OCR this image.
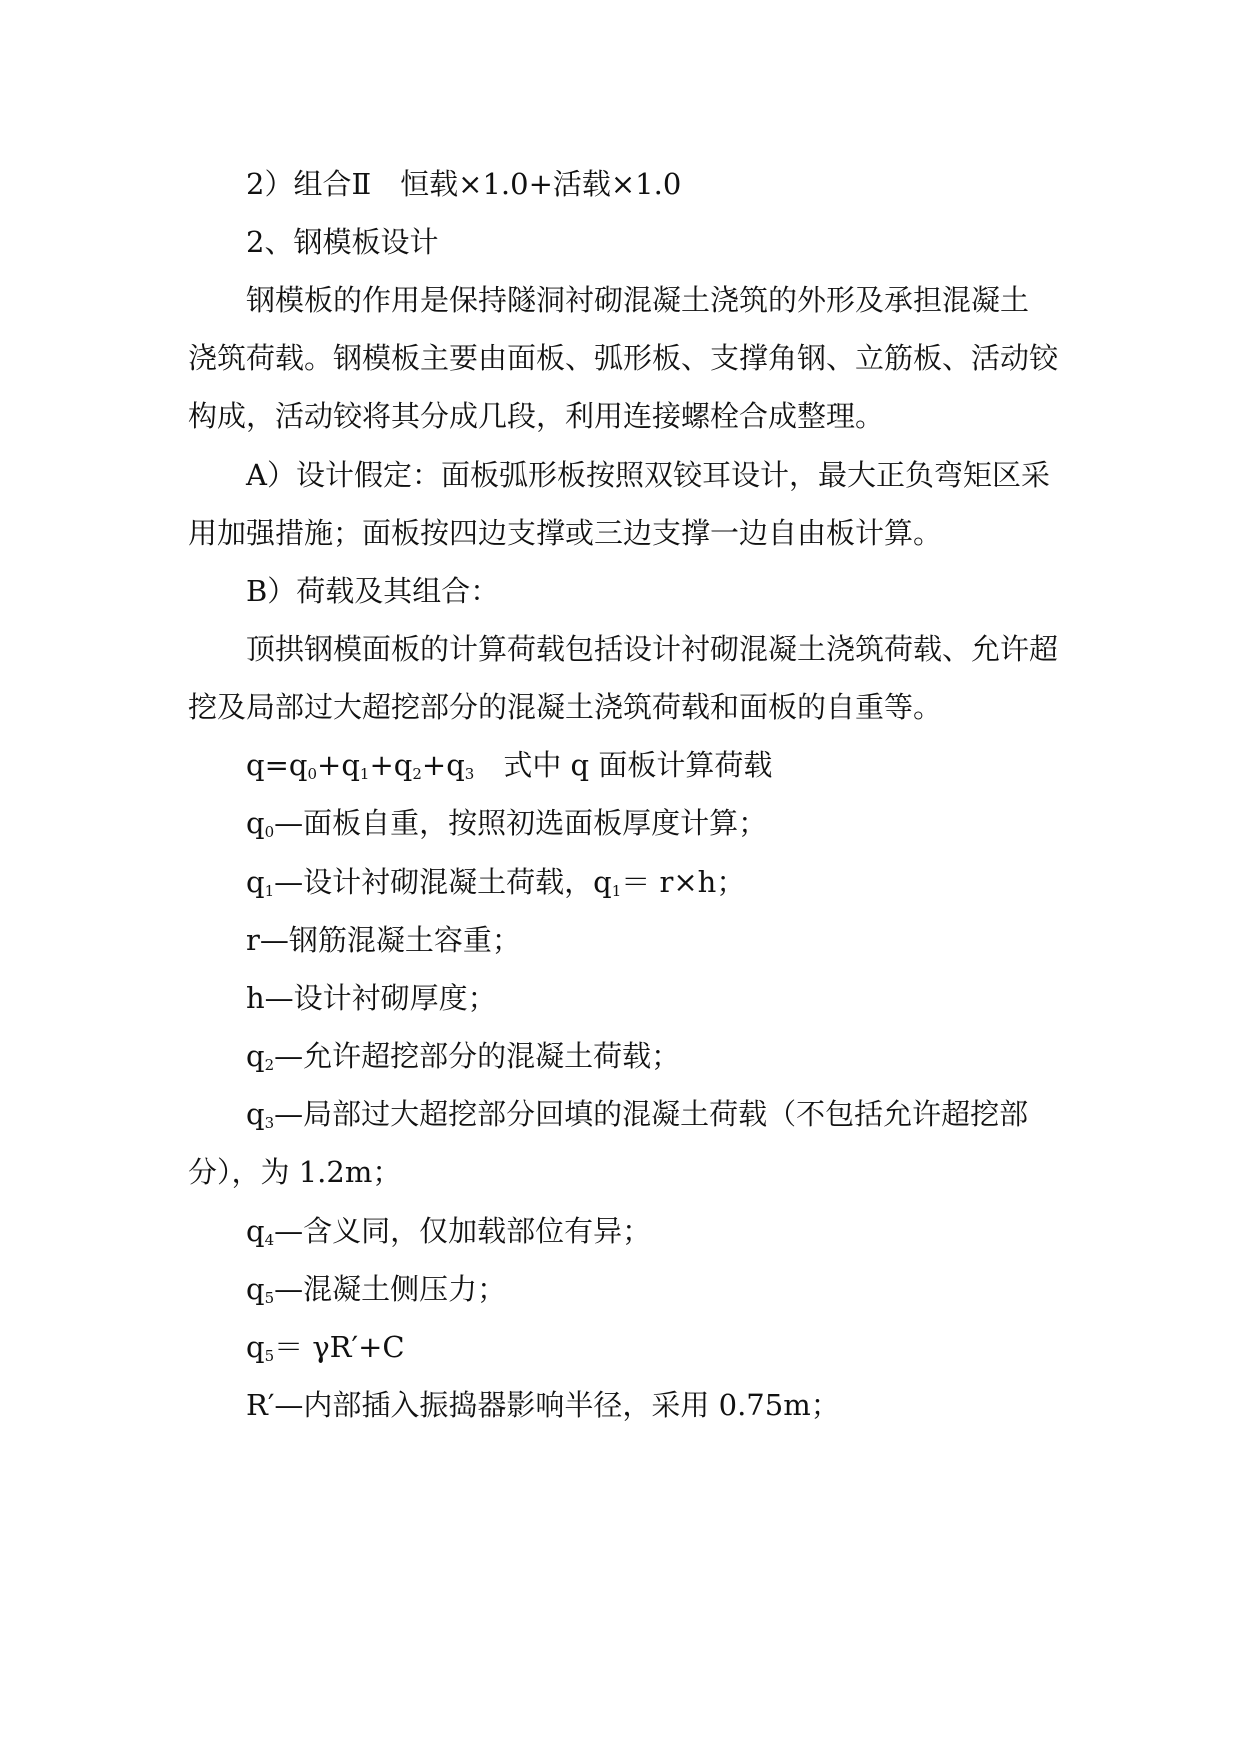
2）组合Ⅱ　恒载×1.0+活载×1.0
2、钢模板设计
钢模板的作用是保持隧洞衬砌混凝土浇筑的外形及承担混凝土
浇筑荷载。钢模板主要由面板、弧形板、支撑角钢、立筋板、活动铰
构成，活动铰将其分成几段，利用连接螺栓合成整理。
A）设计假定：面板弧形板按照双铰耳设计，最大正负弯矩区采
用加强措施；面板按四边支撑或三边支撑一边自由板计算。
B）荷载及其组合：
顶拱钢模面板的计算荷载包括设计衬砌混凝土浇筑荷载、允许超
挖及局部过大超挖部分的混凝土浇筑荷载和面板的自重等。
$q=q_0+q_1+q_2+q_3$　式中 q 面板计算荷载
$q_0—$面板自重，按照初选面板厚度计算；
$q_1—$设计衬砌混凝土荷载，$q_1= r\times h$；
r—钢筋混凝土容重；
h—设计衬砌厚度；
$q_2—$允许超挖部分的混凝土荷载；
$q_3—$局部过大超挖部分回填的混凝土荷载（不包括允许超挖部
分），为 1.2m；
$q_4—$含义同，仅加载部位有异；
$q_5—$混凝土侧压力；
$q_5= \gamma R'+C$
R′—内部插入振捣器影响半径，采用 0.75m；
